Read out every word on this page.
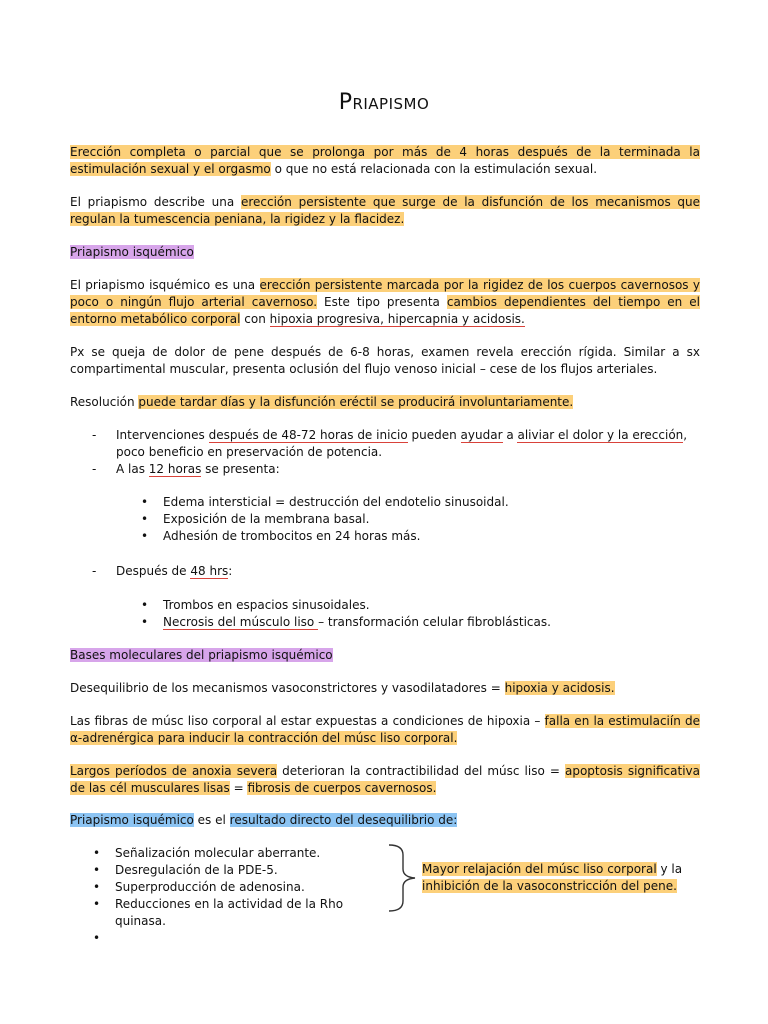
Priapismo
Erección completa o parcial que se prolonga por más de 4 horas después de la terminada la estimulación sexual y el orgasmo o que no está relacionada con la estimulación sexual.
El priapismo describe una erección persistente que surge de la disfunción de los mecanismos que regulan la tumescencia peniana, la rigidez y la flacidez.
Priapismo isquémico
El priapismo isquémico es una erección persistente marcada por la rigidez de los cuerpos cavernosos y poco o ningún flujo arterial cavernoso. Este tipo presenta cambios dependientes del tiempo en el entorno metabólico corporal con hipoxia progresiva, hipercapnia y acidosis.
Px se queja de dolor de pene después de 6-8 horas, examen revela erección rígida. Similar a sx compartimental muscular, presenta oclusión del flujo venoso inicial – cese de los flujos arteriales.
Resolución puede tardar días y la disfunción eréctil se producirá involuntariamente.
- Intervenciones después de 48-72 horas de inicio pueden ayudar a aliviar el dolor y la erección, poco beneficio en preservación de potencia.
- A las 12 horas se presenta:
• Edema intersticial = destrucción del endotelio sinusoidal.
• Exposición de la membrana basal.
• Adhesión de trombocitos en 24 horas más.
- Después de 48 hrs:
• Trombos en espacios sinusoidales.
• Necrosis del músculo liso – transformación celular fibroblásticas.
Bases moleculares del priapismo isquémico
Desequilibrio de los mecanismos vasoconstrictores y vasodilatadores = hipoxia y acidosis.
Las fibras de músc liso corporal al estar expuestas a condiciones de hipoxia – falla en la estimulaciín de α-adrenérgica para inducir la contracción del músc liso corporal.
Largos períodos de anoxia severa deterioran la contractibilidad del músc liso = apoptosis significativa de las cél musculares lisas = fibrosis de cuerpos cavernosos.
Priapismo isquémico es el resultado directo del desequilibrio de:
• Señalización molecular aberrante.
• Desregulación de la PDE-5.
• Superproducción de adenosina.
• Reducciones en la actividad de la Rho quinasa.
•
Mayor relajación del músc liso corporal y la inhibición de la vasoconstricción del pene.
